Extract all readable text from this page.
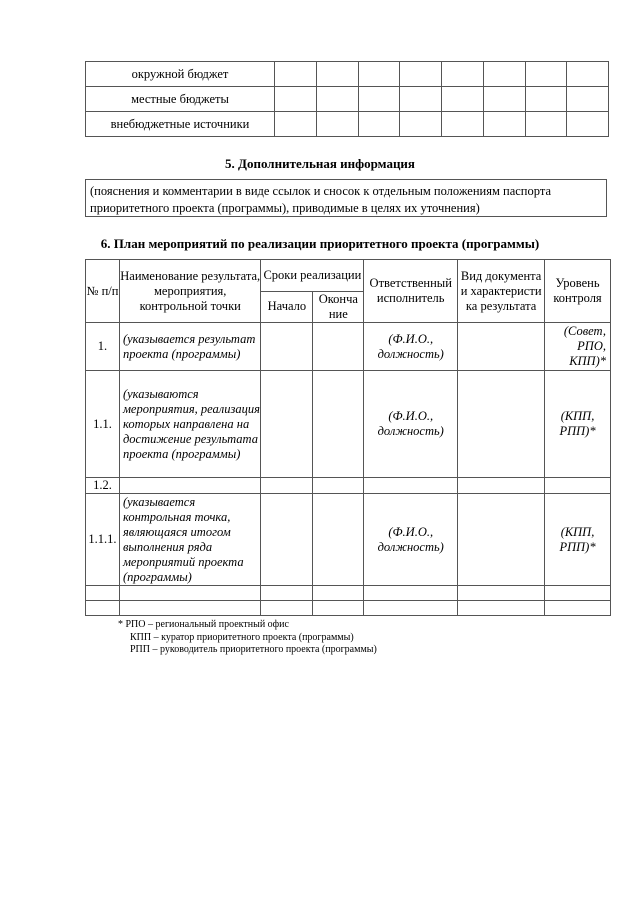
окружной бюджет								
местные бюджеты								
внебюджетные источники								
5. Дополнительная информация
(пояснения и комментарии в виде ссылок и сносок к отдельным положениям паспорта приоритетного проекта (программы), приводимые в целях их уточнения)
6. План мероприятий по реализации приоритетного проекта (программы)
№ п/п	Наименование результата, мероприятия, контрольной точки	Сроки реализации		Ответственный исполнитель	Вид документа и характеристи ка результата	Уровень контроля
		Начало	Оконча ние			
1.	(указывается результат проекта (программы)			(Ф.И.О., должность)		(Совет, РПО, КПП)*
1.1.	(указываются мероприятия, реализация которых направлена на достижение результата проекта (программы)			(Ф.И.О., должность)		(КПП, РПП)*
1.2.						
1.1.1.	(указывается контрольная точка, являющаяся итогом выполнения ряда мероприятий проекта (программы)			(Ф.И.О., должность)		(КПП, РПП)*

* РПО – региональный проектный офис
КПП – куратор приоритетного проекта (программы)
РПП – руководитель приоритетного проекта (программы)
